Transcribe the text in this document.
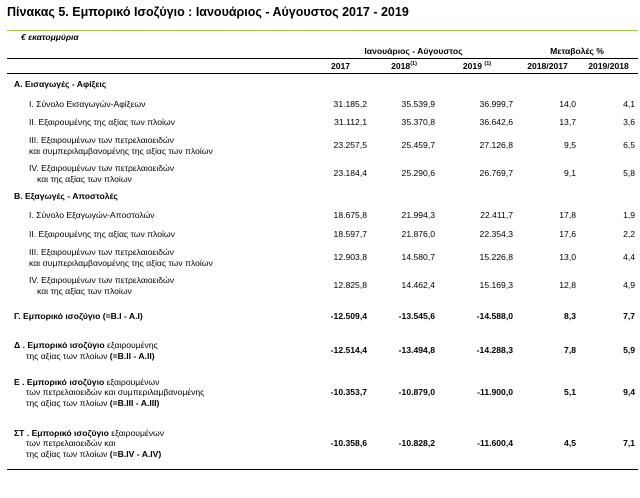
Πίνακας 5. Εμπορικό Ισοζύγιο : Ιανουάριος - Αύγουστος 2017 - 2019
€ εκατομμύρια					
	Ιανουάριος - Αύγουστος			Μεταβολές %	
	2017	2018$^{(1)}$	2019 $^{(1)}$	2018/2017	2019/2018
Α. Εισαγωγές - Αφίξεις					
I. Σύνολο Εισαγωγών-Αφίξεων	31.185,2	35.539,9	36.999,7	14,0	4,1
II. Εξαιρουμένης της αξίας των πλοίων	31.112,1	35.370,8	36.642,6	13,7	3,6
III. Εξαιρουμένων των πετρελαιοειδών
και συμπεριλαμβανομένης της αξίας των πλοίων	23.257,5	25.459,7	27.126,8	9,5	6,5
IV. Εξαιρουμένων των πετρελαιοειδών
και της αξίας των πλοίων	23.184,4	25.290,6	26.769,7	9,1	5,8
Β. Εξαγωγές - Αποστολές					
I. Σύνολο Εξαγωγών-Αποστολών	18.675,8	21.994,3	22.411,7	17,8	1,9
II. Εξαιρουμένης της αξίας των πλοίων	18.597,7	21.876,0	22.354,3	17,6	2,2
III. Εξαιρουμένων των πετρελαιοειδών
και συμπεριλαμβανομένης της αξίας των πλοίων	12.903,8	14.580,7	15.226,8	13,0	4,4
IV. Εξαιρουμένων των πετρελαιοειδών
και της αξίας των πλοίων	12.825,8	14.462,4	15.169,3	12,8	4,9
Γ. Εμπορικό ισοζύγιο (=B.I - A.I)	-12.509,4	-13.545,6	-14.588,0	8,3	7,7
Δ . Εμπορικό ισοζύγιο εξαιρουμένης
της αξίας των πλοίων (=B.II - A.II)	-12.514,4	-13.494,8	-14.288,3	7,8	5,9
Ε . Εμπορικό ισοζύγιο εξαιρουμένων
των πετρελαιοειδών και συμπεριλαμβανομένης
της αξίας των πλοίων (=B.III - A.III)	-10.353,7	-10.879,0	-11.900,0	5,1	9,4
ΣΤ . Εμπορικό ισοζύγιο εξαιρουμένων
των πετρελαιοειδών και
της αξίας των πλοίων (=B.IV - A.IV)	-10.358,6	-10.828,2	-11.600,4	4,5	7,1
